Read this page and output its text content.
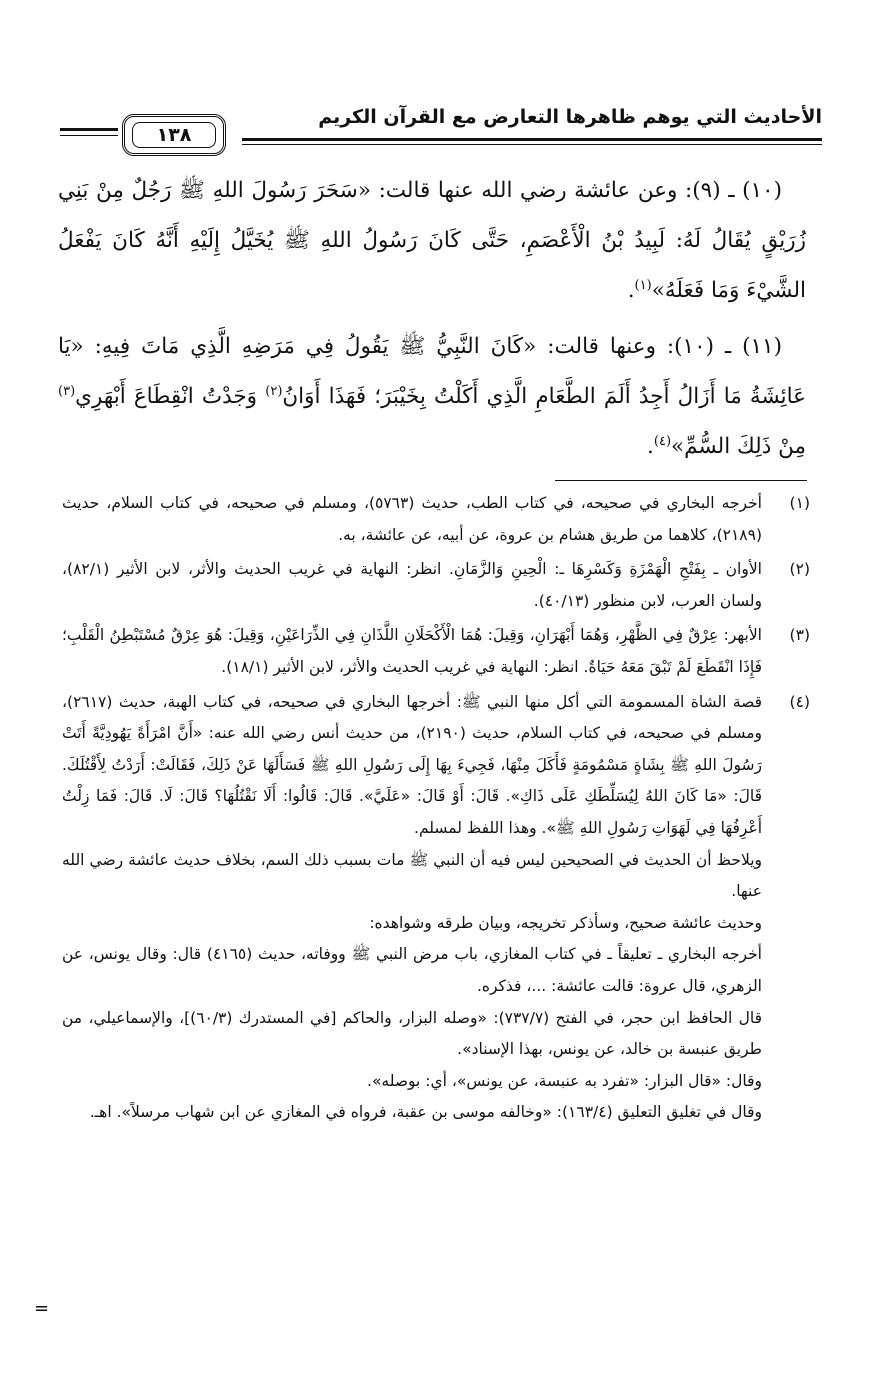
الأحاديث التي يوهم ظاهرها التعارض مع القرآن الكريم
١٣٨

(١٠) ـ (٩): وعن عائشة رضي الله عنها قالت: «سَحَرَ رَسُولَ اللهِ ﷺ رَجُلٌ مِنْ بَنِي زُرَيْقٍ يُقَالُ لَهُ: لَبِيدُ بْنُ الْأَعْصَمِ، حَتَّى كَانَ رَسُولُ اللهِ ﷺ يُخَيَّلُ إِلَيْهِ أَنَّهُ كَانَ يَفْعَلُ الشَّيْءَ وَمَا فَعَلَهُ»$^{(١)}$.

(١١) ـ (١٠): وعنها قالت: «كَانَ النَّبِيُّ ﷺ يَقُولُ فِي مَرَضِهِ الَّذِي مَاتَ فِيهِ: «يَا عَائِشَةُ مَا أَزَالُ أَجِدُ أَلَمَ الطَّعَامِ الَّذِي أَكَلْتُ بِخَيْبَرَ؛ فَهَذَا أَوَانُ$^{(٢)}$ وَجَدْتُ انْقِطَاعَ أَبْهَرِي$^{(٣)}$ مِنْ ذَلِكَ السُّمِّ»$^{(٤)}$.

(١)

أخرجه البخاري في صحيحه، في كتاب الطب، حديث (٥٧٦٣)، ومسلم في صحيحه، في كتاب السلام، حديث (٢١٨٩)، كلاهما من طريق هشام بن عروة، عن أبيه، عن عائشة، به.

(٢)

الأوان ـ بِفَتْحِ الْهَمْزَةِ وَكَسْرِهَا ـ: الْحِينِ وَالزَّمَانِ. انظر: النهاية في غريب الحديث والأثر، لابن الأثير (٨٢/١)، ولسان العرب، لابن منظور (٤٠/١٣).

(٣)

الأبهر: عِرْقٌ فِي الظَّهْرِ، وَهُمَا أَبْهَرَانِ، وَقِيلَ: هُمَا الْأَكْحَلَانِ اللَّذَانِ فِي الذِّرَاعَيْنِ، وَقِيلَ: هُوَ عِرْقٌ مُسْتَبْطِنُ الْقَلْبِ؛ فَإِذَا انْقَطَعَ لَمْ تَبْقَ مَعَهُ حَيَاةٌ. انظر: النهاية في غريب الحديث والأثر، لابن الأثير (١٨/١).

(٤)

قصة الشاة المسمومة التي أكل منها النبي ﷺ: أخرجها البخاري في صحيحه، في كتاب الهبة، حديث (٢٦١٧)، ومسلم في صحيحه، في كتاب السلام، حديث (٢١٩٠)، من حديث أنس رضي الله عنه: «أَنَّ امْرَأَةً يَهُودِيَّةً أَتَتْ رَسُولَ اللهِ ﷺ بِشَاةٍ مَسْمُومَةٍ فَأَكَلَ مِنْهَا، فَجِيءَ بِهَا إِلَى رَسُولِ اللهِ ﷺ فَسَأَلَهَا عَنْ ذَلِكَ، فَقَالَتْ: أَرَدْتُ لِأَقْتُلَكَ. قَالَ: «مَا كَانَ اللهُ لِيُسَلِّطَكِ عَلَى ذَاكِ». قَالَ: أَوْ قَالَ: «عَلَيَّ». قَالَ: قَالُوا: أَلَا نَقْتُلُهَا؟ قَالَ: لَا. قَالَ: فَمَا زِلْتُ أَعْرِفُهَا فِي لَهَوَاتِ رَسُولِ اللهِ ﷺ». وهذا اللفظ لمسلم.

ويلاحظ أن الحديث في الصحيحين ليس فيه أن النبي ﷺ مات بسبب ذلك السم، بخلاف حديث عائشة رضي الله عنها.

وحديث عائشة صحيح، وسأذكر تخريجه، وبيان طرقه وشواهده:

أخرجه البخاري ـ تعليقاً ـ في كتاب المغازي، باب مرض النبي ﷺ ووفاته، حديث (٤١٦٥) قال: وقال يونس، عن الزهري، قال عروة: قالت عائشة: ...، فذكره.

قال الحافظ ابن حجر، في الفتح (٧٣٧/٧): «وصله البزار، والحاكم [في المستدرك (٦٠/٣)]، والإسماعيلي، من طريق عنبسة بن خالد، عن يونس، بهذا الإسناد».

وقال: «قال البزار: «تفرد به عنبسة، عن يونس»، أي: بوصله».

وقال في تغليق التعليق (١٦٣/٤): «وخالفه موسى بن عقبة، فرواه في المغازي عن ابن شهاب مرسلاً». اهـ.

=
